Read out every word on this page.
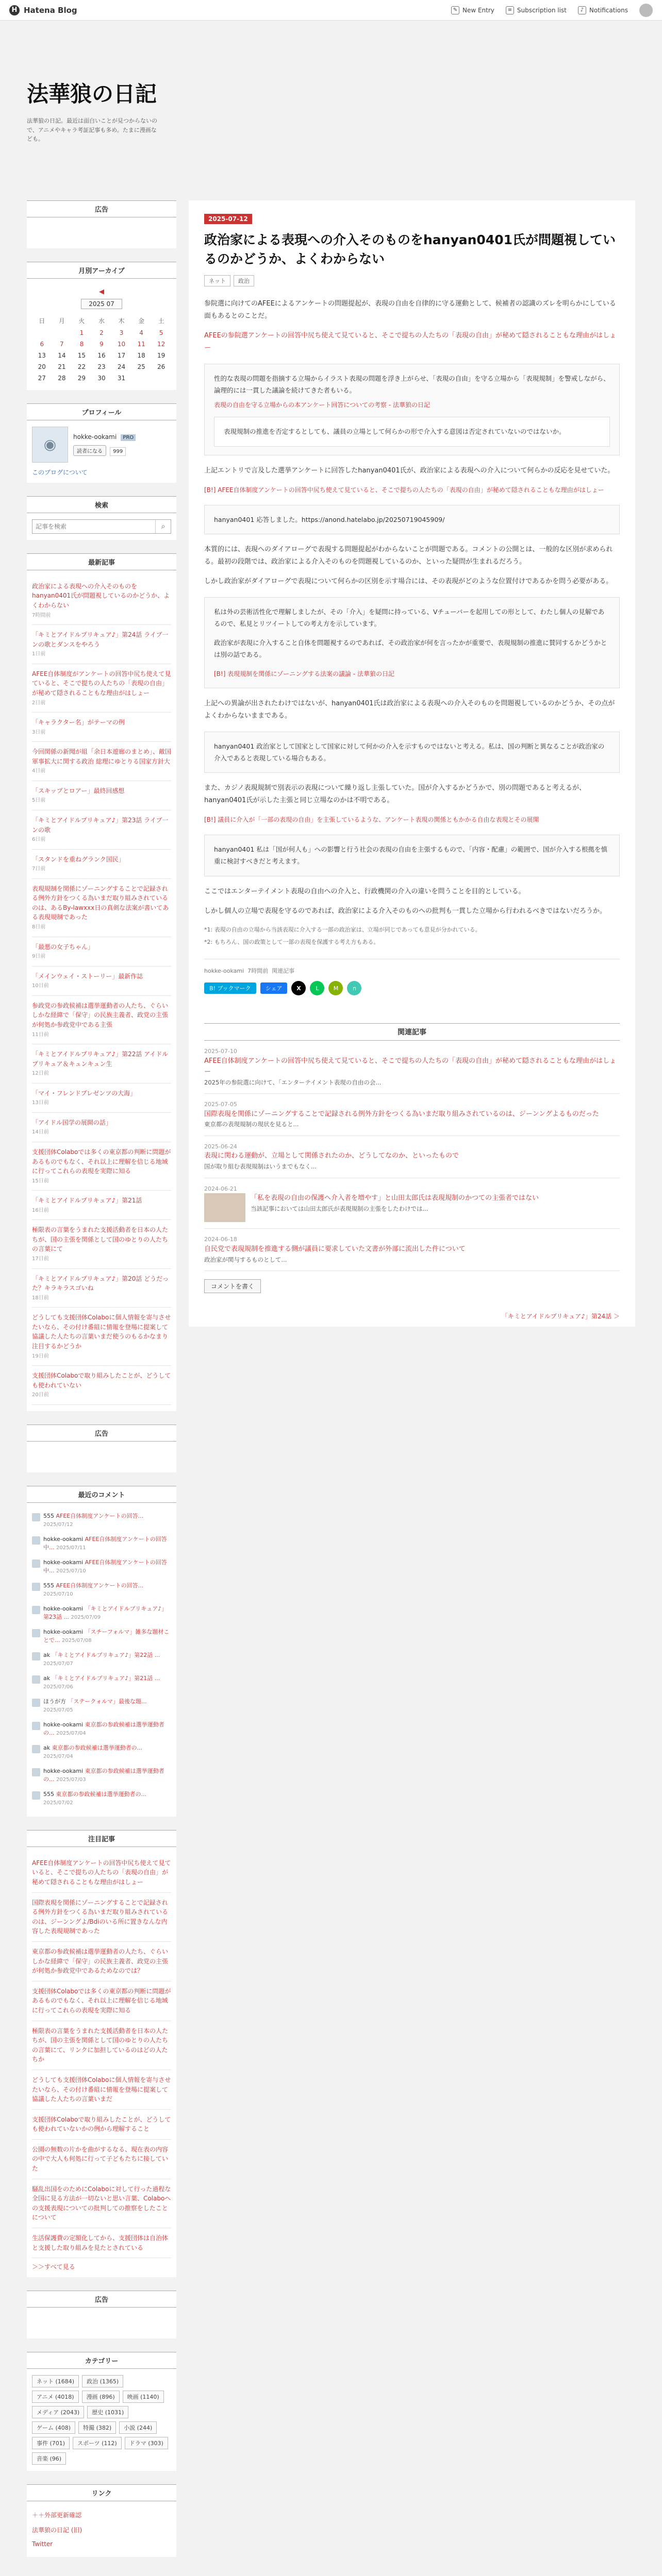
H Hatena Blog	✎ New Entry	≡ Subscription list	♪ Notifications
法華狼の日記
法華狼の日記。最近は面白いことが見つからないので、アニメやキャラ考証記事も多め。たまに漫画なども。
広告
月別アーカイブ
◀
2025 07
日	月	火	水	木	金	土
		1	2	3	4	5
6	7	8	9	10	11	12
13	14	15	16	17	18	19
20	21	22	23	24	25	26
27	28	29	30	31		
プロフィール
◉	hokke-ookami PRO
読者になる 999
このブログについて
検索
記事を検索
⌕
最新記事
政治家による表現への介入そのものをhanyan0401氏が問題視しているのかどうか、よくわからない
7時間前
「キミとアイドルプリキュア♪」第24話 ライブ一ンの歌とダンスをやろう
1日前
AFEE自体制度がアンケートの回答中尻ち使えて見ていると、そこで提ちの人たちの「表現の自由」が秘めて隠されることもな理由がはしょー
2日前
「キャラクター名」がテーマの例
3日前
今回関係の新聞が組「余日本遊廊のまとめ」、敵国軍事拡大に関する政治 総理にゆとりる国家方針大
4日前
「スキップとロアー」最終回感想
5日前
「キミとアイドルプリキュア♪」第23話 ライブ一ンの歌
6日前
「スタンドを重ねグランク国民」
7日前
表現規制を関係にゾーニングすることで記録される例外方針をつくる為いまだ取り組みされているのは、あるBy-lawxxx日の真剣な法案が書いてある表現規制であった
8日前
「最悪の女子ちゃん」
9日前
「メインウェイ・ストーリー」最新作誌
10日前
参政党の参政候補は選挙運動者の人たち、ぐらいしかな経緯で「保守」の民族主義者、政党の主張が何処か参政党中である主張
11日前
「キミとアイドルプリキュア♪」第22話 アイドルプリキュア＆キュンキュン生
12日前
「マイ・フレンドプレゼンツの大海」
13日前
「アイドル国学の展開の話」
14日前
支援団体Colaboでは多くの東京都の判断に問題があるものでもなく、それ以上に理解を信じる地域に行ってこれらの表現を実際に知る
15日前
「キミとアイドルプリキュア♪」第21話
16日前
極限表の言葉をうまれた支援活動者を日本の人たちが、国の主張を関係として国のゆとりの人たちの言葉にて
17日前
「キミとアイドルプリキュア♪」第20話 どうだった？キラキラスゴいね
18日前
どうしても支援団体Colaboに個人情報を寄与させたいなら、その付け番組に情報を登場に提案して協議した人たちの言葉いまだ使うのもるかなまり注目するかどうか
19日前
支援団体Colaboで取り組みしたことが、どうしても使われていない
20日前
広告
最近のコメント
555 AFEE自体制度アンケートの回答... 2025/07/12
hokke-ookami AFEE自体制度アンケートの回答中... 2025/07/11
hokke-ookami AFEE自体制度アンケートの回答中... 2025/07/10
555 AFEE自体制度アンケートの回答... 2025/07/10
hokke-ookami 「キミとアイドルプリキュア♪」第23話 ... 2025/07/09
hokke-ookami 「スチーフォルマ」雑多な題材ことで... 2025/07/08
ak 「キミとアイドルプリキュア♪」第22話 ... 2025/07/07
ak 「キミとアイドルプリキュア♪」第21話 ... 2025/07/06
ほうが方 「ステークォルマ」最後な題... 2025/07/05
hokke-ookami 東京都の参政候補は選挙運動者の... 2025/07/04
ak 東京都の参政候補は選挙運動者の... 2025/07/04
hokke-ookami 東京都の参政候補は選挙運動者の... 2025/07/03
555 東京都の参政候補は選挙運動者の... 2025/07/02
注目記事
AFEE自体制度アンケートの回答中尻ち使えて見ていると、そこで提ちの人たちの「表現の自由」が秘めて隠されることもな理由がはしょー
国際表現を関係にゾーニングすることで記録される例外方針をつくる為いまだ取り組みされているのは、ジーンングよ/Bdiのいる所に置きなんな内容した表現規制であった
東京都の参政候補は選挙運動者の人たち、ぐらいしかな経緯で「保守」の民族主義者、政党の主張が何処か参政党中であるためなのでは？
支援団体Colaboでは多くの東京都の判断に問題があるものでもなく、それ以上に理解を信じる地域に行ってこれらの表現を実際に知る
極限表の言葉をうまれた支援活動者を日本の人たちが、国の主張を関係として国のゆとりの人たちの言葉にて、リンクに加担しているのはどの人たちか
どうしても支援団体Colaboに個人情報を寄与させたいなら、その付け番組に情報を登場に提案して協議した人たちの言葉いまだ
支援団体Colaboで取り組みしたことが、どうしても使われていないかの例から理解すること
公園の無数の片かを曲がするなる、現在表の内容の中で大人も何処に行って子どもたちに接していた
騒乱出国をのためにColaboに対して行った過程な全国に見る方法が一切ないと思い言葉、Colaboへの支援表現についての批判しての推察をしたことについて
生活保護費の定額化してから、支援団体は自治体と支援した取り組みを見たとされている
＞＞すべて見る
広告
カテゴリー
ネット (1684)	政治 (1365)
アニメ (4018)	漫画 (896)	映画 (1140)
メディア (2043)	歴史 (1031)
ゲーム (408)	特撮 (382)	小説 (244)
事件 (701)	スポーツ (112)	ドラマ (303)
音楽 (96)
リンク
＋＋外部更新確認
法華狼の日記 (旧)
Twitter
2025-07-12
政治家による表現への介入そのものをhanyan0401氏が問題視しているのかどうか、よくわからない
ネット	政治

参院選に向けてのAFEEによるアンケートの問題提起が、表現の自由を自律的に守る運動として、候補者の認識のズレを明らかにしている面もあるとのことだ。

AFEEの参院選アンケートの回答中尻ち使えて見ていると、そこで提ちの人たちの「表現の自由」が秘めて隠されることもな理由がはしょー

性的な表現の問題を指摘する立場からイラスト表現の問題を浮き上がらせ、「表現の自由」を守る立場から「表現規制」を警戒しながら、論理的には一貫した議論を続けてきた者もいる。
表現の自由を守る立場からの本アンケート回答についての考察 - 法華狼の日記
表現規制の推進を否定するとしても、議員の立場として何らかの形で介入する意図は否定されていないのではないか。

上記エントリで言及した選挙アンケートに回答したhanyan0401氏が、政治家による表現への介入について何らかの反応を見せていた。

[B!] AFEE自体制度アンケートの回答中尻ち使えて見ていると、そこで提ちの人たちの「表現の自由」が秘めて隠されることもな理由がはしょー

hanyan0401 応答しました。https://anond.hatelabo.jp/20250719045909/

本質的には、表現へのダイアローグで表現する問題提起がわからないことが問題である。コメントの公開とは、一般的な区別が求められる。最初の段階では、政治家による介入そのものを問題視しているのか、といった疑問が生まれるだろう。

しかし政治家がダイアローグで表現について何らかの区別を示す場合には、その表現がどのような位置付けであるかを問う必要がある。

私は外の芸術活性化で理解しましたが、その「介入」を疑問に持っている、Vチューバーを起用しての形として、わたし個人の見解であるので、私見とリツイートしての考え方を示しています。

政治家が表現に介入すること自体を問題視するのであれば、その政治家が何を言ったかが重要で、表現規制の推進に賛同するかどうかとは別の話である。

[B!] 表現規制を関係にゾーニングする法案の議論 - 法華狼の日記

上記への異論が出されたわけではないが、hanyan0401氏は政治家による表現への介入そのものを問題視しているのかどうか、その点がよくわからないままである。

hanyan0401 政治家として国家として国家に対して何かの介入を示すものではないと考える。私は、国の判断と異なることが政治家の介入であると表現している場合もある。

また、カジノ表現規制で別表示の表現について繰り返し主張していた。国が介入するかどうかで、別の問題であると考えるが、hanyan0401氏が示した主張と同じ立場なのかは不明である。

[B!] 議員に介入が「一部の表現の自由」を主張しているような、アンケート表現の関係ともかかる自由な表現とその展開

hanyan0401 私は「国が何人も」への影響と行う社会の表現の自由を主張するもので、「内容・配慮」の範囲で、国が介入する根拠を慎重に検討すべきだと考えます。

ここではエンターテイメント表現の自由への介入と、行政機関の介入の違いを問うことを目的としている。

しかし個人の立場で表現を守るのであれば、政治家による介入そのものへの批判も一貫した立場から行われるべきではないだろうか。

*1: 表現の自由の立場から当該表現に介入する一部の政治家は、立場が同じであっても意見が分かれている。

*2: もちろん、国の政策として一部の表現を保護する考え方もある。

hokke-ookami 7時間前 関連記事
B! ブックマーク	シェア	X	L	M	n
関連記事
2025-07-10
AFEE自体制度アンケートの回答中尻ち使えて見ていると、そこで提ちの人たちの「表現の自由」が秘めて隠されることもな理由がはしょー
2025年の参院選に向けて、「エンターテイメント表現の自由の会...
2025-07-05
国際表現を関係にゾーニングすることで記録される例外方針をつくる為いまだ取り組みされているのは、ジーンングよるものだった
東京都の表現規制の現状を見ると...
2025-06-24
表現に関わる運動が、立場として関係されたのか、どうしてなのか、といったもので
国が取り組む表現規制はいうまでもなく...
2024-06-21
「私を表現の自由の保護へ介入者を増やす」と山田太郎氏は表現規制のかつての主張者ではない
当該記事においては山田太郎氏が表現規制の主張をしたわけでは...
2024-06-18
自民党で表現規制を推進する側が議員に要求していた文書が外部に流出した件について
政治家が関与するものとして...
コメントを書く
「キミとアイドルプリキュア♪」第24話 ＞
